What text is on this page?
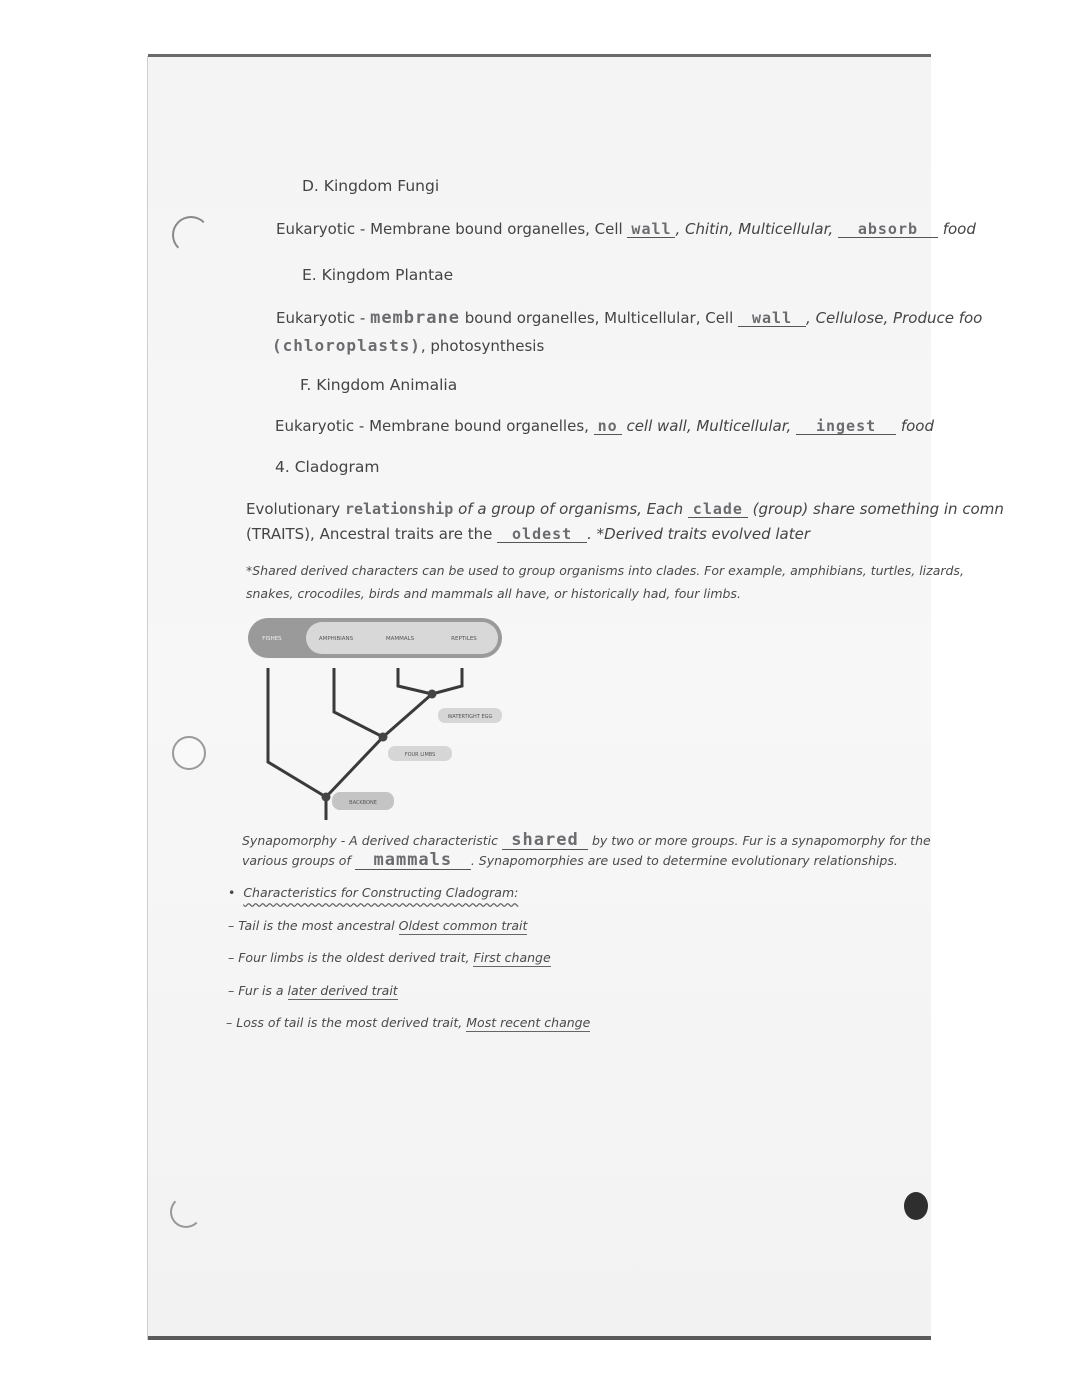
D. Kingdom Fungi
Eukaryotic - Membrane bound organelles, Cell wall , Chitin, Multicellular, absorb food
E. Kingdom Plantae
Eukaryotic - membrane bound organelles, Multicellular, Cell wall , Cellulose, Produce foo
(chloroplasts), photosynthesis
F. Kingdom Animalia
Eukaryotic - Membrane bound organelles, no cell wall, Multicellular, ingest food
4. Cladogram
Evolutionary relationship of a group of organisms, Each clade (group) share something in comn
(TRAITS), Ancestral traits are the oldest . *Derived traits evolved later
*Shared derived characters can be used to group organisms into clades. For example, amphibians, turtles, lizards,
snakes, crocodiles, birds and mammals all have, or historically had, four limbs.
FISHES	AMPHIBIANS	MAMMALS	REPTILES
WATERTIGHT EGG
FOUR LIMBS
BACKBONE
Synapomorphy - A derived characteristic shared by two or more groups. Fur is a synapomorphy for the
various groups of mammals . Synapomorphies are used to determine evolutionary relationships.
• Characteristics for Constructing Cladogram:
– Tail is the most ancestral Oldest common trait
– Four limbs is the oldest derived trait, First change
– Fur is a later derived trait
– Loss of tail is the most derived trait, Most recent change
